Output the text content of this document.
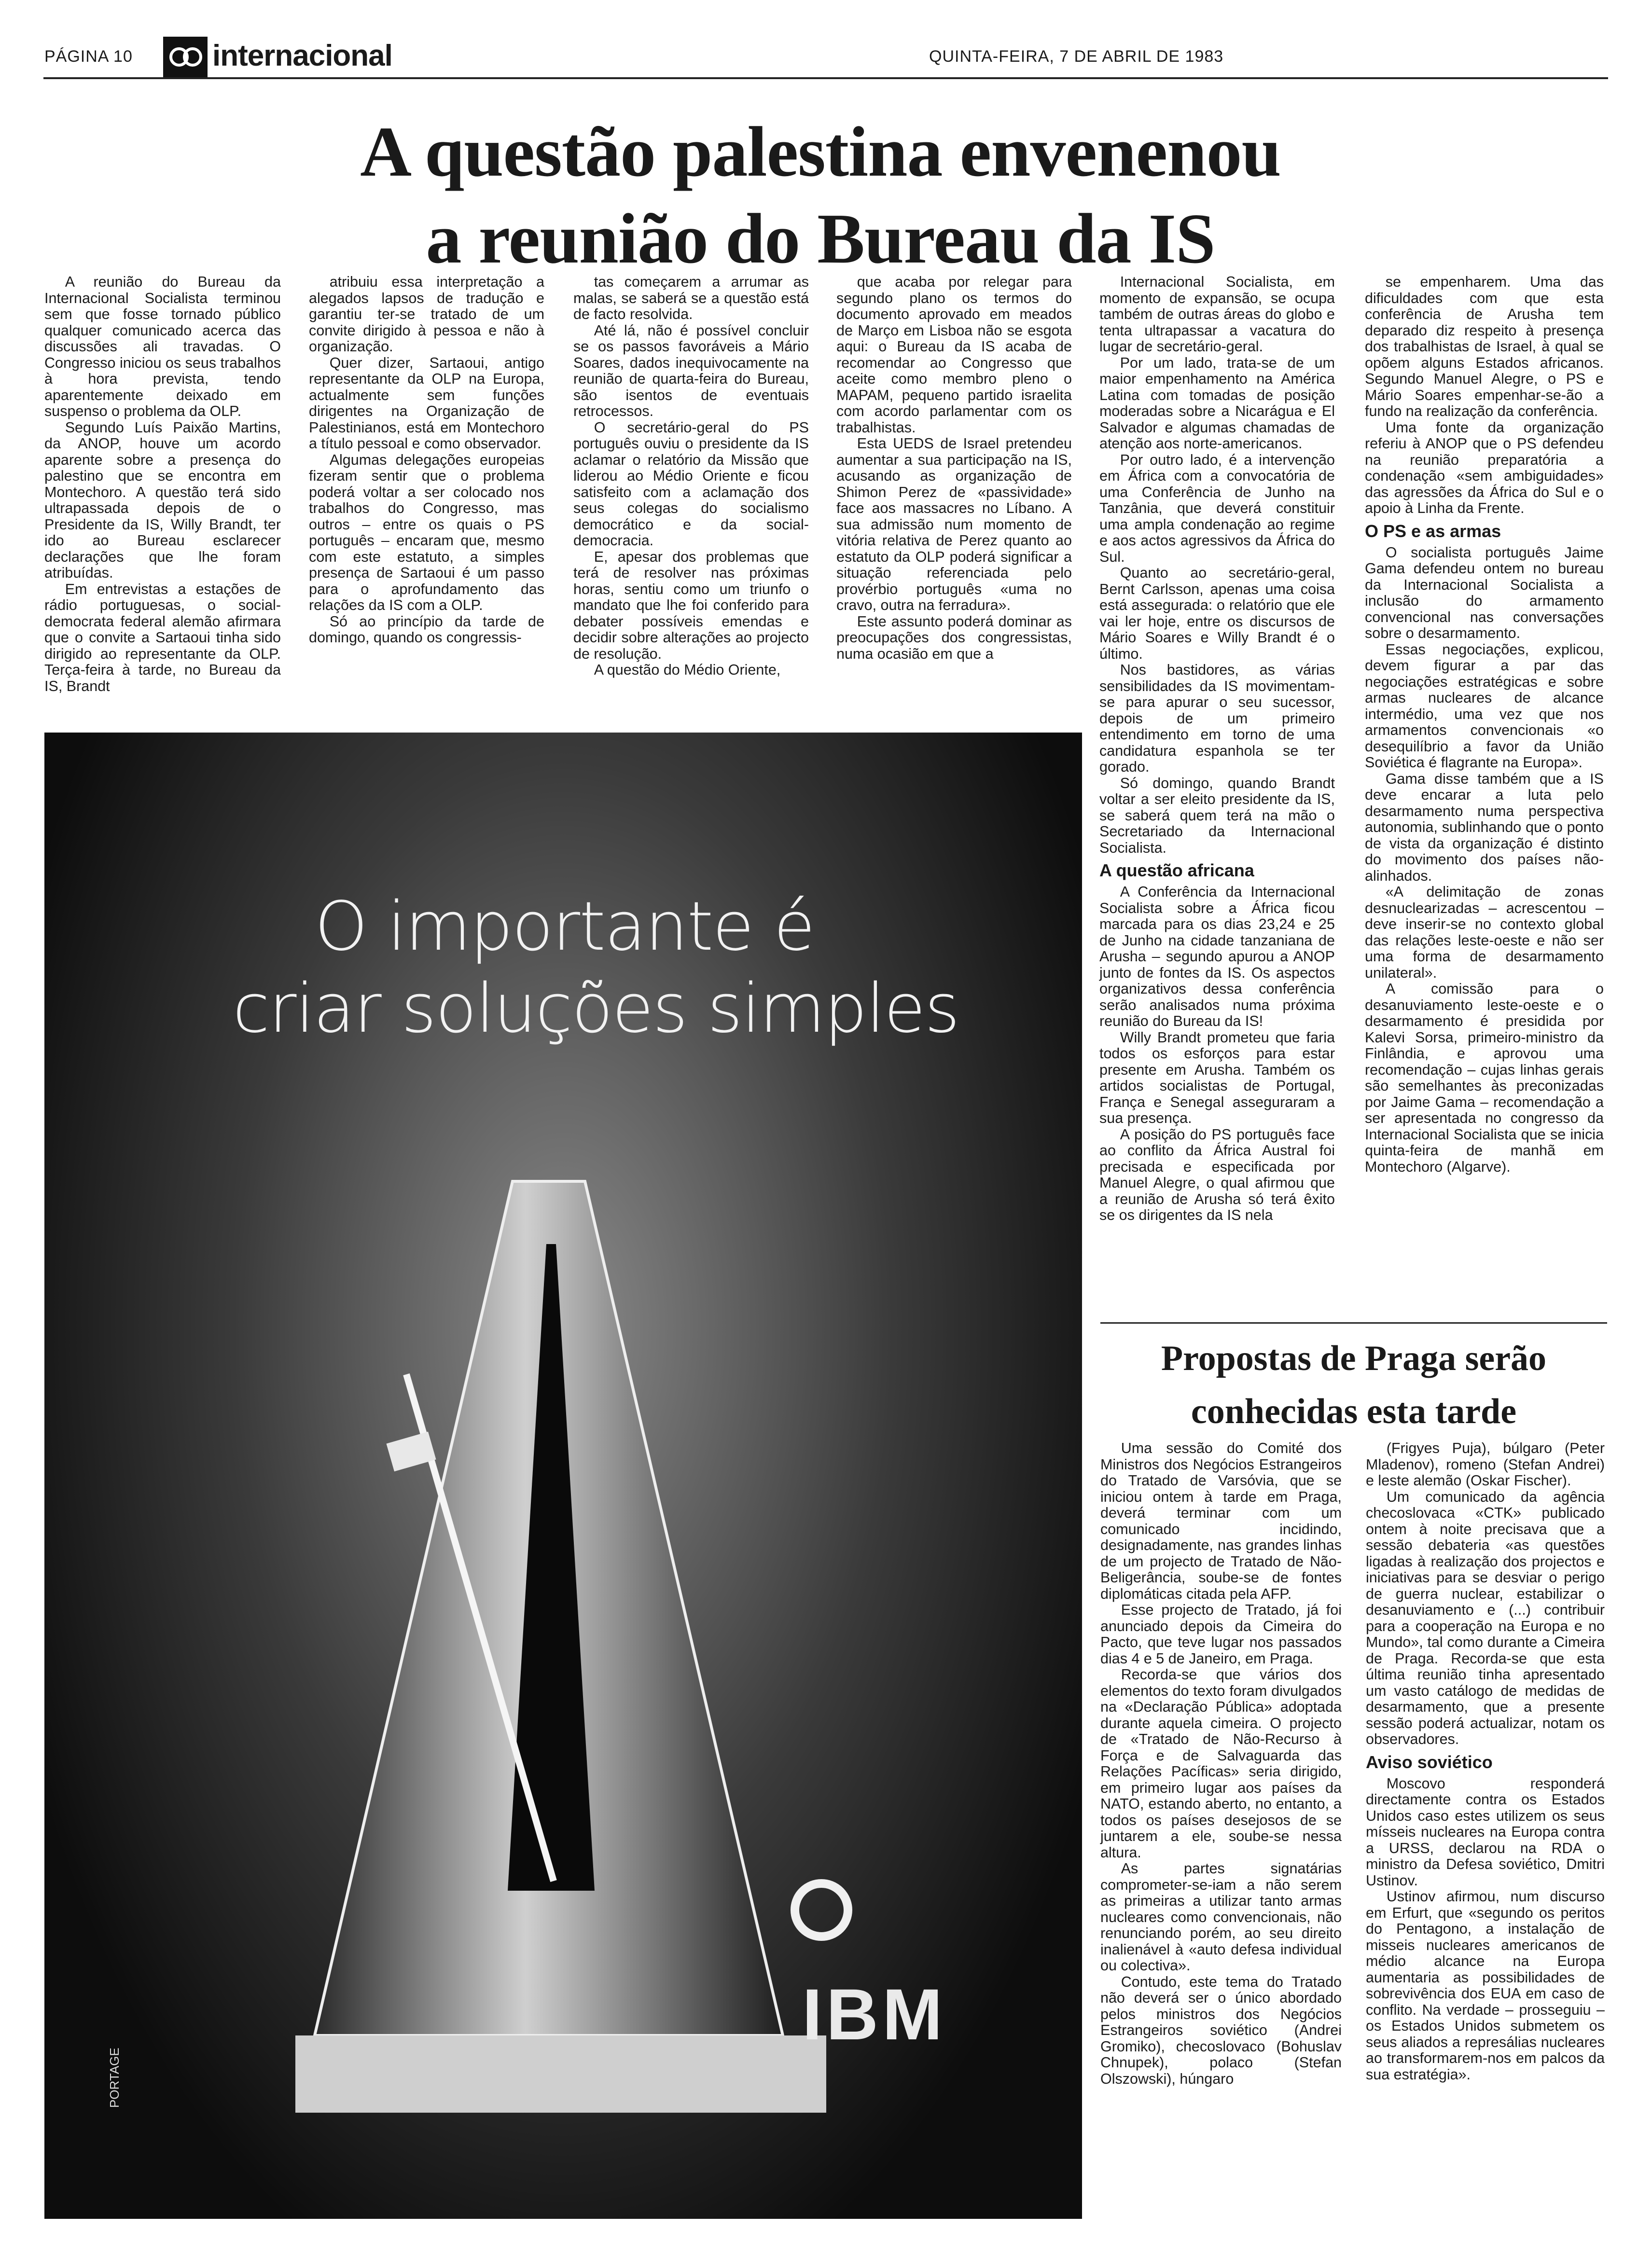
PÁGINA 10	internacional	QUINTA-FEIRA, 7 DE ABRIL DE 1983
A questão palestina envenenou
a reunião do Bureau da IS

A reunião do Bureau da Internacional Socialista terminou sem que fosse tornado público qualquer comunicado acerca das discussões ali travadas. O Congresso iniciou os seus trabalhos à hora prevista, tendo aparentemente deixado em suspenso o problema da OLP.

Segundo Luís Paixão Martins, da ANOP, houve um acordo aparente sobre a presença do palestino que se encontra em Montechoro. A questão terá sido ultrapassada depois de o Presidente da IS, Willy Brandt, ter ido ao Bureau esclarecer declarações que lhe foram atribuídas.

Em entrevistas a estações de rádio portuguesas, o social-democrata federal alemão afirmara que o convite a Sartaoui tinha sido dirigido ao representante da OLP. Terça-feira à tarde, no Bureau da IS, Brandt

atribuiu essa interpretação a alegados lapsos de tradução e garantiu ter-se tratado de um convite dirigido à pessoa e não à organização.

Quer dizer, Sartaoui, antigo representante da OLP na Europa, actualmente sem funções dirigentes na Organização de Palestinianos, está em Montechoro a título pessoal e como observador.

Algumas delegações europeias fizeram sentir que o problema poderá voltar a ser colocado nos trabalhos do Congresso, mas outros – entre os quais o PS português – encaram que, mesmo com este estatuto, a simples presença de Sartaoui é um passo para o aprofundamento das relações da IS com a OLP.

Só ao princípio da tarde de domingo, quando os congressis-

tas começarem a arrumar as malas, se saberá se a questão está de facto resolvida.

Até lá, não é possível concluir se os passos favoráveis a Mário Soares, dados inequivocamente na reunião de quarta-feira do Bureau, são isentos de eventuais retrocessos.

O secretário-geral do PS português ouviu o presidente da IS aclamar o relatório da Missão que liderou ao Médio Oriente e ficou satisfeito com a aclamação dos seus colegas do socialismo democrático e da social-democracia.

E, apesar dos problemas que terá de resolver nas próximas horas, sentiu como um triunfo o mandato que lhe foi conferido para debater possíveis emendas e decidir sobre alterações ao projecto de resolução.

A questão do Médio Oriente,

que acaba por relegar para segundo plano os termos do documento aprovado em meados de Março em Lisboa não se esgota aqui: o Bureau da IS acaba de recomendar ao Congresso que aceite como membro pleno o MAPAM, pequeno partido israelita com acordo parlamentar com os trabalhistas.

Esta UEDS de Israel pretendeu aumentar a sua participação na IS, acusando as organização de Shimon Perez de «passividade» face aos massacres no Líbano. A sua admissão num momento de vitória relativa de Perez quanto ao estatuto da OLP poderá significar a situação referenciada pelo provérbio português «uma no cravo, outra na ferradura».

Este assunto poderá dominar as preocupações dos congressistas, numa ocasião em que a

Internacional Socialista, em momento de expansão, se ocupa também de outras áreas do globo e tenta ultrapassar a vacatura do lugar de secretário-geral.

Por um lado, trata-se de um maior empenhamento na América Latina com tomadas de posição moderadas sobre a Nicarágua e El Salvador e algumas chamadas de atenção aos norte-americanos.

Por outro lado, é a intervenção em África com a convocatória de uma Conferência de Junho na Tanzânia, que deverá constituir uma ampla condenação ao regime e aos actos agressivos da África do Sul.

Quanto ao secretário-geral, Bernt Carlsson, apenas uma coisa está assegurada: o relatório que ele vai ler hoje, entre os discursos de Mário Soares e Willy Brandt é o último.

Nos bastidores, as várias sensibilidades da IS movimentam-se para apurar o seu sucessor, depois de um primeiro entendimento em torno de uma candidatura espanhola se ter gorado.

Só domingo, quando Brandt voltar a ser eleito presidente da IS, se saberá quem terá na mão o Secretariado da Internacional Socialista.

A questão africana

A Conferência da Internacional Socialista sobre a África ficou marcada para os dias 23,24 e 25 de Junho na cidade tanzaniana de Arusha – segundo apurou a ANOP junto de fontes da IS. Os aspectos organizativos dessa conferência serão analisados numa próxima reunião do Bureau da IS!

Willy Brandt prometeu que faria todos os esforços para estar presente em Arusha. Também os artidos socialistas de Portugal, França e Senegal asseguraram a sua presença.

A posição do PS português face ao conflito da África Austral foi precisada e especificada por Manuel Alegre, o qual afirmou que a reunião de Arusha só terá êxito se os dirigentes da IS nela

se empenharem. Uma das dificuldades com que esta conferência de Arusha tem deparado diz respeito à presença dos trabalhistas de Israel, à qual se opõem alguns Estados africanos. Segundo Manuel Alegre, o PS e Mário Soares empenhar-se-ão a fundo na realização da conferência.

Uma fonte da organização referiu à ANOP que o PS defendeu na reunião preparatória a condenação «sem ambiguidades» das agressões da África do Sul e o apoio à Linha da Frente.

O PS e as armas

O socialista português Jaime Gama defendeu ontem no bureau da Internacional Socialista a inclusão do armamento convencional nas conversações sobre o desarmamento.

Essas negociações, explicou, devem figurar a par das negociações estratégicas e sobre armas nucleares de alcance intermédio, uma vez que nos armamentos convencionais «o desequilíbrio a favor da União Soviética é flagrante na Europa».

Gama disse também que a IS deve encarar a luta pelo desarmamento numa perspectiva autonomia, sublinhando que o ponto de vista da organização é distinto do movimento dos países não-alinhados.

«A delimitação de zonas desnuclearizadas – acrescentou – deve inserir-se no contexto global das relações leste-oeste e não ser uma forma de desarmamento unilateral».

A comissão para o desanuviamento leste-oeste e o desarmamento é presidida por Kalevi Sorsa, primeiro-ministro da Finlândia, e aprovou uma recomendação – cujas linhas gerais são semelhantes às preconizadas por Jaime Gama – recomendação a ser apresentada no congresso da Internacional Socialista que se inicia quinta-feira de manhã em Montechoro (Algarve).

O importante é
criar soluções simples
IBM
PORTAGE
Propostas de Praga serão
conhecidas esta tarde

Uma sessão do Comité dos Ministros dos Negócios Estrangeiros do Tratado de Varsóvia, que se iniciou ontem à tarde em Praga, deverá terminar com um comunicado incidindo, designadamente, nas grandes linhas de um projecto de Tratado de Não-Beligerância, soube-se de fontes diplomáticas citada pela AFP.

Esse projecto de Tratado, já foi anunciado depois da Cimeira do Pacto, que teve lugar nos passados dias 4 e 5 de Janeiro, em Praga.

Recorda-se que vários dos elementos do texto foram divulgados na «Declaração Pública» adoptada durante aquela cimeira. O projecto de «Tratado de Não-Recurso à Força e de Salvaguarda das Relações Pacíficas» seria dirigido, em primeiro lugar aos países da NATO, estando aberto, no entanto, a todos os países desejosos de se juntarem a ele, soube-se nessa altura.

As partes signatárias comprometer-se-iam a não serem as primeiras a utilizar tanto armas nucleares como convencionais, não renunciando porém, ao seu direito inalienável à «auto defesa individual ou colectiva».

Contudo, este tema do Tratado não deverá ser o único abordado pelos ministros dos Negócios Estrangeiros soviético (Andrei Gromiko), checoslovaco (Bohuslav Chnupek), polaco (Stefan Olszowski), húngaro

(Frigyes Puja), búlgaro (Peter Mladenov), romeno (Stefan Andrei) e leste alemão (Oskar Fischer).

Um comunicado da agência checoslovaca «CTK» publicado ontem à noite precisava que a sessão debateria «as questões ligadas à realização dos projectos e iniciativas para se desviar o perigo de guerra nuclear, estabilizar o desanuviamento e (...) contribuir para a cooperação na Europa e no Mundo», tal como durante a Cimeira de Praga. Recorda-se que esta última reunião tinha apresentado um vasto catálogo de medidas de desarmamento, que a presente sessão poderá actualizar, notam os observadores.

Aviso soviético

Moscovo responderá directamente contra os Estados Unidos caso estes utilizem os seus mísseis nucleares na Europa contra a URSS, declarou na RDA o ministro da Defesa soviético, Dmitri Ustinov.

Ustinov afirmou, num discurso em Erfurt, que «segundo os peritos do Pentagono, a instalação de misseis nucleares americanos de médio alcance na Europa aumentaria as possibilidades de sobrevivência dos EUA em caso de conflito. Na verdade – prosseguiu – os Estados Unidos submetem os seus aliados a represálias nucleares ao transformarem-nos em palcos da sua estratégia».
